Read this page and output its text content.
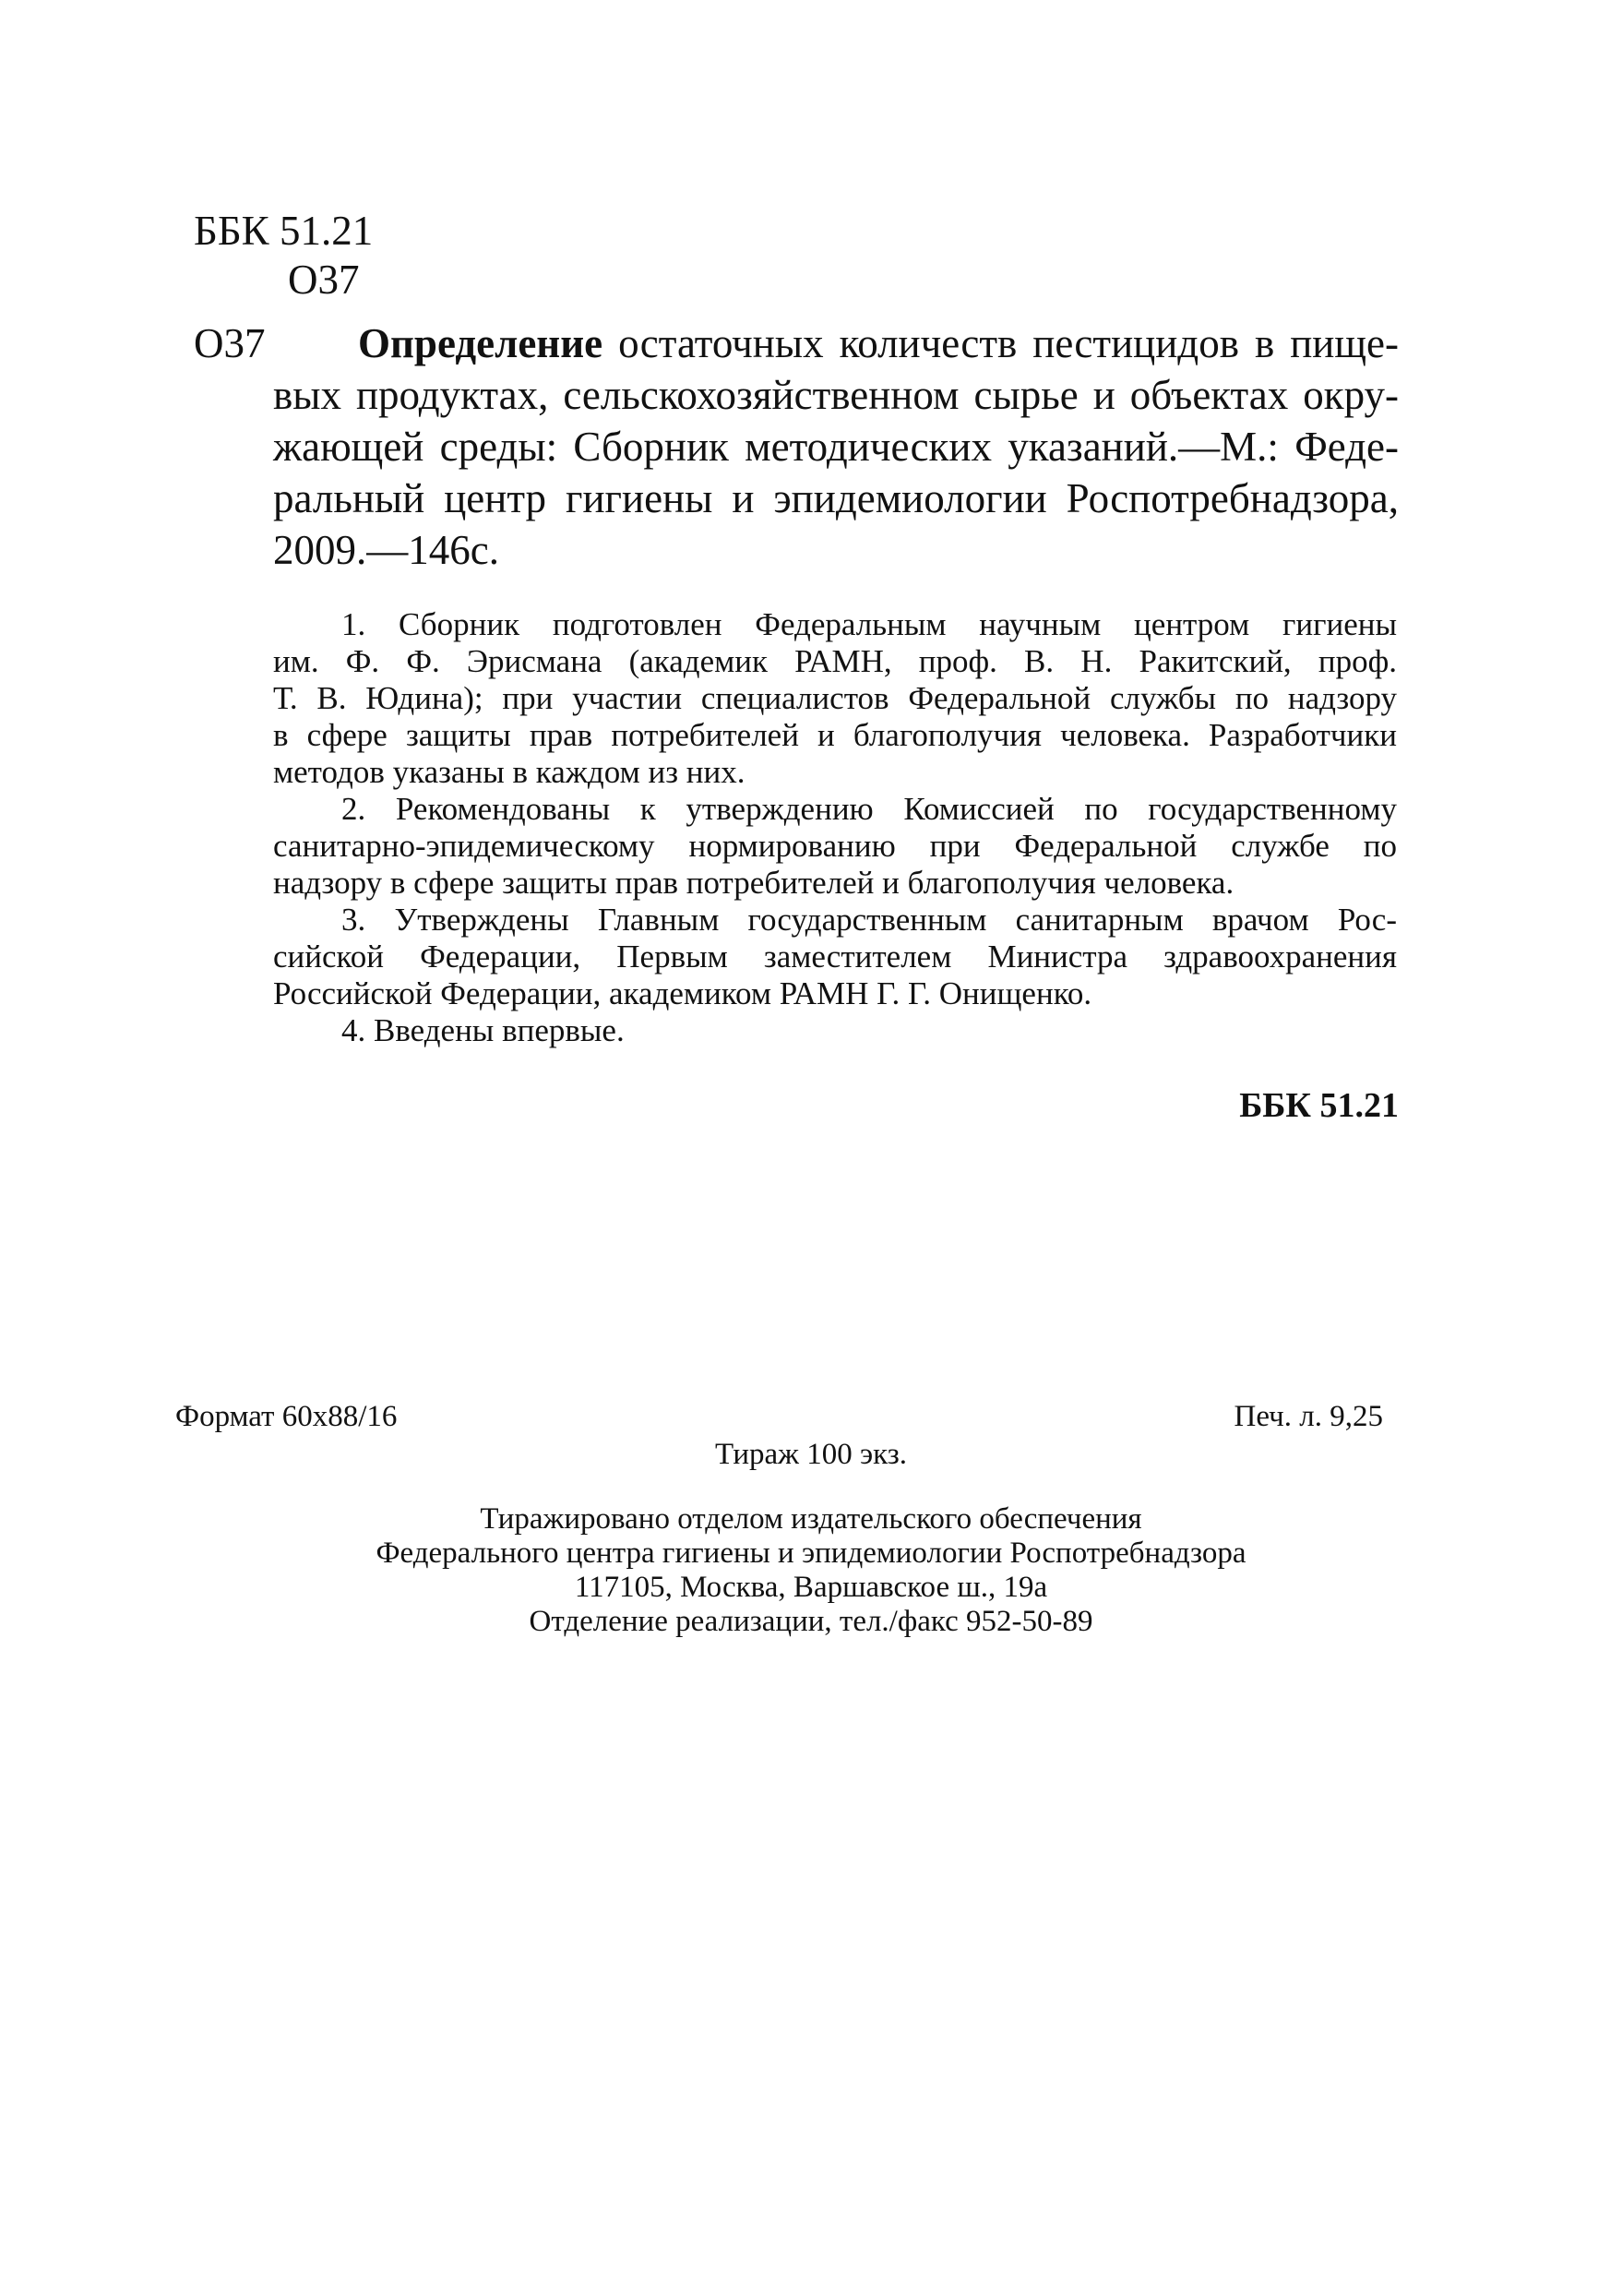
ББК 51.21
О37
О37	Определение остаточных количеств пестицидов в пище-
вых продуктах, сельскохозяйственном сырье и объектах окру-
жающей среды: Сборник методических указаний.—М.: Феде-
ральный центр гигиены и эпидемиологии Роспотребнадзора,
2009.—146с.
1. Сборник подготовлен Федеральным научным центром гигиены
им. Ф. Ф. Эрисмана (академик РАМН, проф. В. Н. Ракитский, проф.
Т. В. Юдина); при участии специалистов Федеральной службы по надзору
в сфере защиты прав потребителей и благополучия человека. Разработчики
методов указаны в каждом из них.
2. Рекомендованы к утверждению Комиссией по государственному
санитарно-эпидемическому нормированию при Федеральной службе по
надзору в сфере защиты прав потребителей и благополучия человека.
3. Утверждены Главным государственным санитарным врачом Рос-
сийской Федерации, Первым заместителем Министра здравоохранения
Российской Федерации, академиком РАМН Г. Г. Онищенко.
4. Введены впервые.
ББК 51.21
Формат 60х88/16	Печ. л. 9,25
Тираж 100 экз.
Тиражировано отделом издательского обеспечения
Федерального центра гигиены и эпидемиологии Роспотребнадзора
117105, Москва, Варшавское ш., 19а
Отделение реализации, тел./факс 952-50-89
